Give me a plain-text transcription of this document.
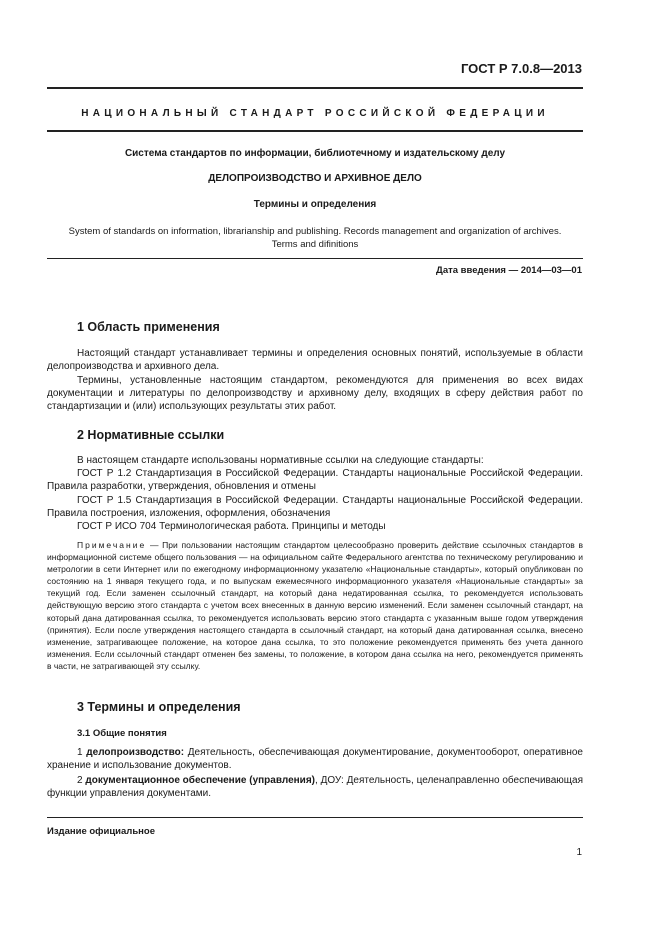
ГОСТ Р 7.0.8—2013
НАЦИОНАЛЬНЫЙ СТАНДАРТ РОССИЙСКОЙ ФЕДЕРАЦИИ
Система стандартов по информации, библиотечному и издательскому делу
ДЕЛОПРОИЗВОДСТВО И АРХИВНОЕ ДЕЛО
Термины и определения
System of standards on information, librarianship and publishing. Records management and organization of archives.
Terms and difinitions
Дата введения — 2014—03—01
1 Область применения
Настоящий стандарт устанавливает термины и определения основных понятий, используемые в области делопроизводства и архивного дела.
Термины, установленные настоящим стандартом, рекомендуются для применения во всех видах документации и литературы по делопроизводству и архивному делу, входящих в сферу действия работ по стандартизации и (или) использующих результаты этих работ.
2 Нормативные ссылки
В настоящем стандарте использованы нормативные ссылки на следующие стандарты:
ГОСТ Р 1.2 Стандартизация в Российской Федерации. Стандарты национальные Российской Федерации. Правила разработки, утверждения, обновления и отмены
ГОСТ Р 1.5 Стандартизация в Российской Федерации. Стандарты национальные Российской Федерации. Правила построения, изложения, оформления, обозначения
ГОСТ Р ИСО 704 Терминологическая работа. Принципы и методы
Примечание — При пользовании настоящим стандартом целесообразно проверить действие ссылочных стандартов в информационной системе общего пользования — на официальном сайте Федерального агентства по техническому регулированию и метрологии в сети Интернет или по ежегодному информационному указателю «Национальные стандарты», который опубликован по состоянию на 1 января текущего года, и по выпускам ежемесячного информационного указателя «Национальные стандарты» за текущий год. Если заменен ссылочный стандарт, на который дана недатированная ссылка, то рекомендуется использовать действующую версию этого стандарта с учетом всех внесенных в данную версию изменений. Если заменен ссылочный стандарт, на который дана датированная ссылка, то рекомендуется использовать версию этого стандарта с указанным выше годом утверждения (принятия). Если после утверждения настоящего стандарта в ссылочный стандарт, на который дана датированная ссылка, внесено изменение, затрагивающее положение, на которое дана ссылка, то это положение рекомендуется применять без учета данного изменения. Если ссылочный стандарт отменен без замены, то положение, в котором дана ссылка на него, рекомендуется применять в части, не затрагивающей эту ссылку.
3 Термины и определения
3.1 Общие понятия
1 делопроизводство: Деятельность, обеспечивающая документирование, документооборот, оперативное хранение и использование документов.
2 документационное обеспечение (управления), ДОУ: Деятельность, целенаправленно обеспечивающая функции управления документами.
Издание официальное
1
